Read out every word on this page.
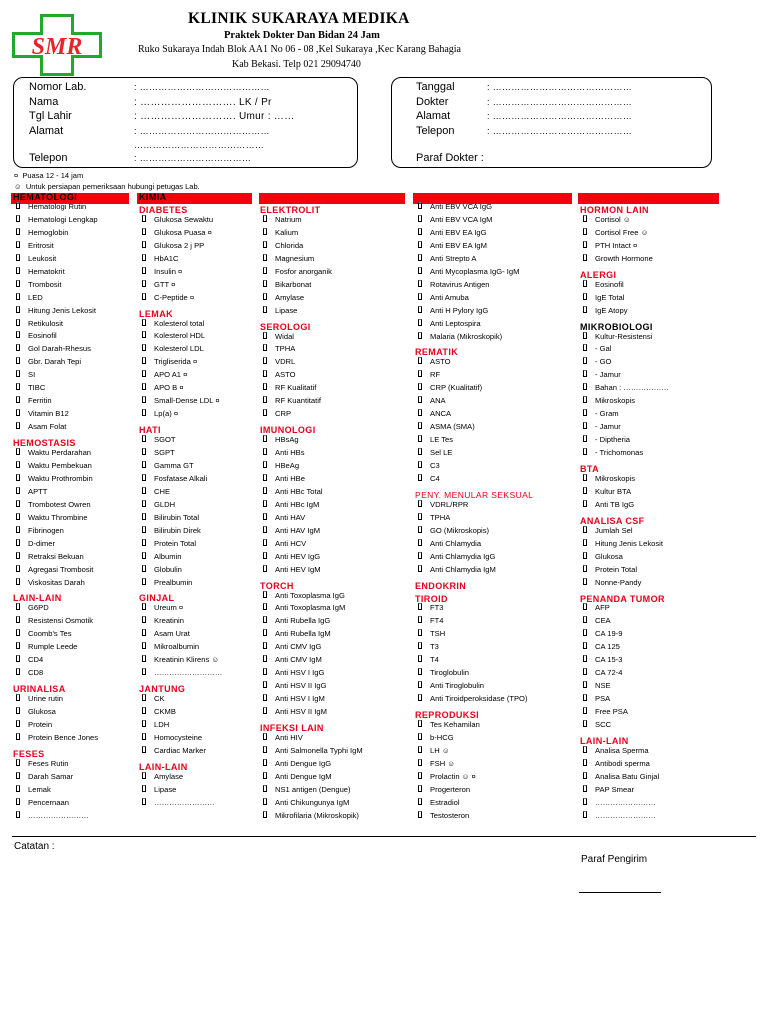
SMR
KLINIK SUKARAYA MEDIKA
Praktek Dokter Dan Bidan 24 Jam
Ruko Sukaraya Indah Blok AA1 No 06 - 08 ,Kel Sukaraya ,Kec Karang Bahagia
Kab Bekasi. Telp 021 29094740
Nomor Lab.	: ……………………………………
Nama	: ………………………. LK / Pr
Tgl Lahir	: ………………………. Umur : ……
Alamat	: ……………………………………
……………………………………
Telepon	: ………………………………
Tanggal	: ………………………………………
Dokter	: ………………………………………
Alamat	: ………………………………………
Telepon	: ………………………………………
Paraf Dokter :
¤ Puasa 12 - 14 jam
☺ Untuk persiapan pemeriksaan hubungi petugas Lab.
HEMATOLOGI
Hematologi Rutin
Hematologi Lengkap
Hemoglobin
Eritrosit
Leukosit
Hematokrit
Trombosit
LED
Hitung Jenis Lekosit
Retikulosit
Eosinofil
Gol Darah-Rhesus
Gbr. Darah Tepi
SI
TIBC
Ferritin
Vitamin B12
Asam Folat
HEMOSTASIS
Waktu Perdarahan
Waktu Pembekuan
Waktu Prothrombin
APTT
Trombotest Owren
Waktu Thrombine
Fibrinogen
D-dimer
Retraksi Bekuan
Agregasi Trombosit
Viskositas Darah
LAIN-LAIN
G6PD
Resistensi Osmotik
Coomb's Tes
Rumple Leede
CD4
CD8
URINALISA
Urine rutin
Glukosa
Protein
Protein Bence Jones
FESES
Feses Rutin
Darah Samar
Lemak
Pencernaan
……………………
KIMIA
DIABETES
Glukosa Sewaktu
Glukosa Puasa ¤
Glukosa 2 j PP
HbA1C
Insulin ¤
GTT ¤
C-Peptide ¤
LEMAK
Kolesterol total
Kolesterol HDL
Kolesterol LDL
Trigliserida ¤
APO A1 ¤
APO B ¤
Small-Dense LDL ¤
Lp(a) ¤
HATI
SGOT
SGPT
Gamma GT
Fosfatase Alkali
CHE
GLDH
Bilirubin Total
Bilirubin Direk
Protein Total
Albumin
Globulin
Prealbumin
GINJAL
Ureum ¤
Kreatinin
Asam Urat
Mikroalbumin
Kreatinin Klirens ☺
………………………
JANTUNG
CK
CKMB
LDH
Homocysteine
Cardiac Marker
LAIN-LAIN
Amylase
Lipase
……………………
ELEKTROLIT
Natrium
Kalium
Chlorida
Magnesium
Fosfor anorganik
Bikarbonat
Amylase
Lipase
SEROLOGI
Widal
TPHA
VDRL
ASTO
RF Kualitatif
RF Kuantitatif
CRP
IMUNOLOGI
HBsAg
Anti HBs
HBeAg
Anti HBe
Anti HBc Total
Anti HBc IgM
Anti HAV
Anti HAV IgM
Anti HCV
Anti HEV IgG
Anti HEV IgM
TORCH
Anti Toxoplasma IgG
Anti Toxoplasma IgM
Anti Rubella IgG
Anti Rubella IgM
Anti CMV IgG
Anti CMV IgM
Anti HSV I IgG
Anti HSV II IgG
Anti HSV I IgM
Anti HSV II IgM
INFEKSI LAIN
Anti HIV
Anti Salmonella Typhi IgM
Anti Dengue IgG
Anti Dengue IgM
NS1 antigen (Dengue)
Anti Chikungunya IgM
Mikrofilaria (Mikroskopik)
Anti EBV VCA IgG
Anti EBV VCA IgM
Anti EBV EA IgG
Anti EBV EA IgM
Anti Strepto A
Anti Mycoplasma IgG- IgM
Rotavirus Antigen
Anti Amuba
Anti H Pylory IgG
Anti Leptospira
Malaria (Mikroskopik)
REMATIK
ASTO
RF
CRP (Kualitatif)
ANA
ANCA
ASMA (SMA)
LE Tes
Sel LE
C3
C4
PENY. MENULAR SEKSUAL
VDRL/RPR
TPHA
GO (Mikroskopis)
Anti Chlamydia
Anti Chlamydia IgG
Anti Chlamydia IgM
ENDOKRIN
TIROID
FT3
FT4
TSH
T3
T4
Tiroglobulin
Anti Tiroglobulin
Anti Tiroidperoksidase (TPO)
REPRODUKSI
Tes Kehamilan
b-HCG
LH ☺
FSH ☺
Prolactin ☺ ¤
Progerteron
Estradiol
Testosteron
HORMON LAIN
Cortisol ☺
Cortisol Free ☺
PTH Intact ¤
Growth Hormone
ALERGI
Eosinofil
IgE Total
IgE Atopy
MIKROBIOLOGI
Kultur-Resistensi
- Gal
- GO
- Jamur
Bahan : ………………
Mikroskopis
- Gram
- Jamur
- Diptheria
- Trichomonas
BTA
Mikroskopis
Kultur BTA
Anti TB IgG
ANALISA CSF
Jumlah Sel
Hitung Jenis Lekosit
Glukosa
Protein Total
Nonne-Pandy
PENANDA TUMOR
AFP
CEA
CA 19-9
CA 125
CA 15-3
CA 72-4
NSE
PSA
Free PSA
SCC
LAIN-LAIN
Analisa Sperma
Antibodi sperma
Analisa Batu Ginjal
PAP Smear
……………………
……………………
Catatan :
Paraf Pengirim
